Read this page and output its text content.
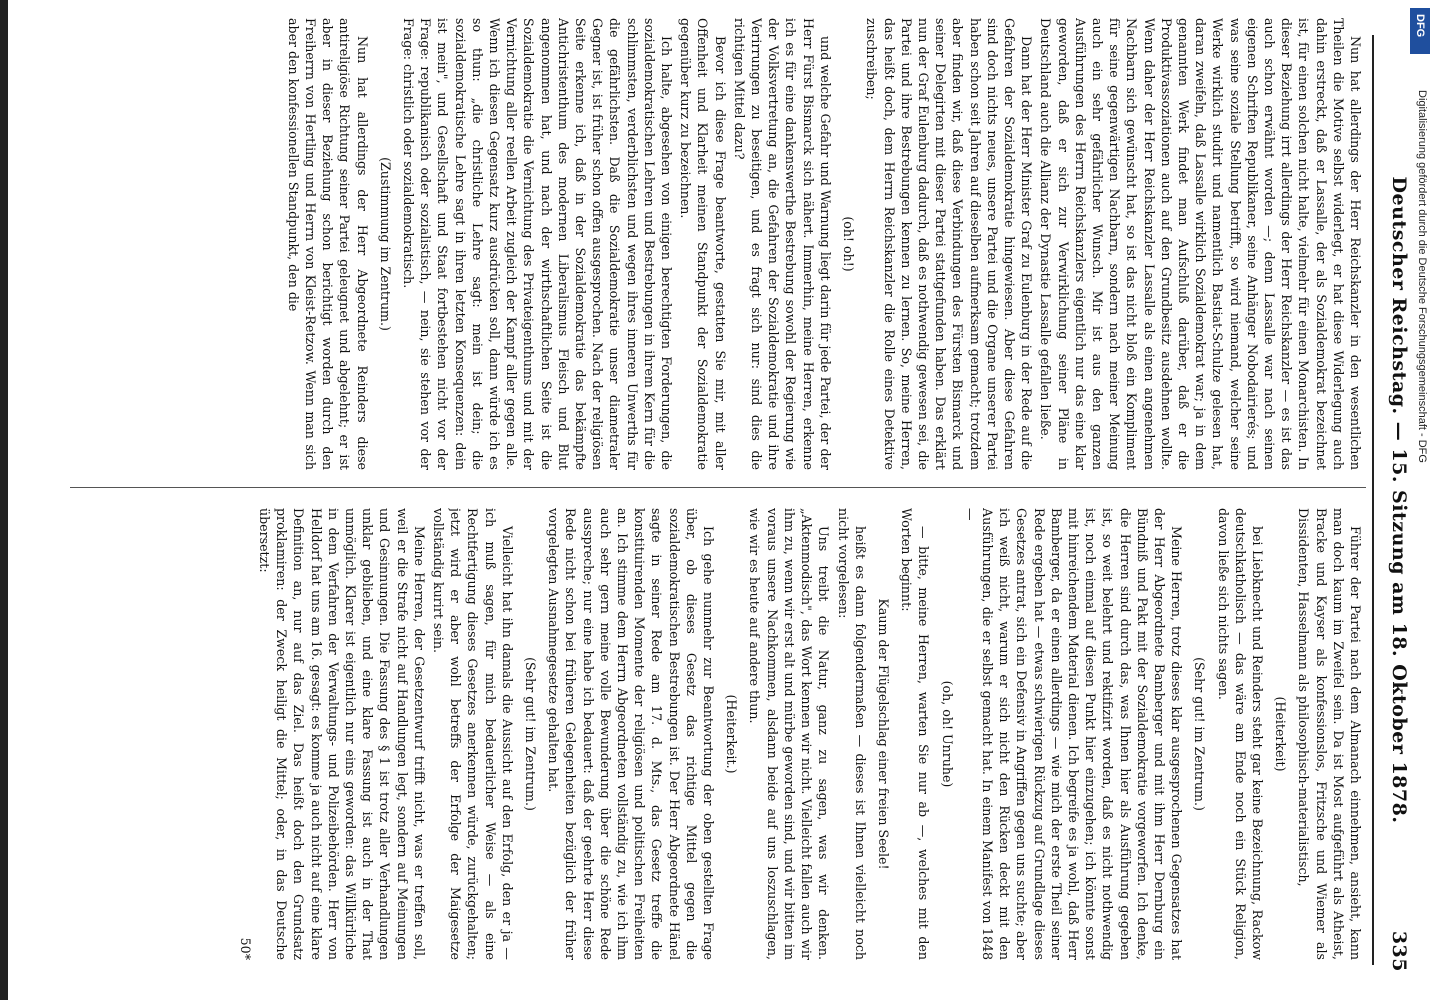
Deutscher Reichstag. — 15. Sitzung am 18. Oktober 1878.
335

Nun hat allerdings der Herr Reichskanzler in den wesentlichen Theilen die Motive selbst widerlegt, er hat diese Widerlegung auch dahin erstreckt, daß er Lassalle, der als Sozialdemokrat bezeichnet ist, für einen solchen nicht halte, vielmehr für einen Monarchisten. In dieser Beziehung irrt allerdings der Herr Reichskanzler — es ist das auch schon erwähnt worden —; denn Lassalle war nach seinen eigenen Schriften Republikaner, seine Anhänger Nobodairierés; und was seine soziale Stellung betrifft, so wird niemand, welcher seine Werke wirklich studirt und namentlich Bastiat-Schulze gelesen hat, daran zweifeln, daß Lassalle wirklich Sozialdemokrat war; ja in dem genannten Werk findet man Aufschluß darüber, daß er die Produktivassoziationen auch auf den Grundbesitz ausdehnen wollte. Wenn daher der Herr Reichskanzler Lassalle als einen angenehmen Nachbarn sich gewünscht hat, so ist das nicht bloß ein Kompliment für seine gegenwärtigen Nachbarn, sondern nach meiner Meinung auch ein sehr gefährlicher Wunsch. Mir ist aus den ganzen Ausführungen des Herrn Reichskanzlers eigentlich nur das eine klar geworden, daß er sich zur Verwirklichung seiner Pläne in Deutschland auch die Allianz der Dynastie Lassalle gefallen ließe.

Dann hat der Herr Minister Graf zu Eulenburg in der Rede auf die Gefahren der Sozialdemokratie hingewiesen. Aber diese Gefahren sind doch nichts neues, unsere Partei und die Organe unserer Partei haben schon seit Jahren auf dieselben aufmerksam gemacht; trotzdem aber finden wir, daß diese Verbindungen des Fürsten Bismarck und seiner Delegirten mit dieser Partei stattgefunden haben. Das erklärt nun der Graf Eulenburg dadurch, daß es nothwendig gewesen sei, die Partei und ihre Bestrebungen kennen zu lernen. So, meine Herren, das heißt doch, dem Herrn Reichskanzler die Rolle eines Detektive zuschreiben;

(oh! oh!)

und welche Gefahr und Warnung liegt darin für jede Partei, der der Herr Fürst Bismarck sich nähert. Immerhin, meine Herren, erkenne ich es für eine dankenswerthe Bestrebung sowohl der Regierung wie der Volksvertretung an, die Gefahren der Sozialdemokratie und ihre Verirrungen zu beseitigen, und es fragt sich nur: sind dies die richtigen Mittel dazu?

Bevor ich diese Frage beantworte, gestatten Sie mir, mit aller Offenheit und Klarheit meinen Standpunkt der Sozialdemokratie gegenüber kurz zu bezeichnen.

Ich halte, abgesehen von einigen berechtigten Forderungen, die sozialdemokratischen Lehren und Bestrebungen in ihrem Kern für die schlimmsten, verderblichsten und wegen ihres inneren Unwerths für die gefährlichsten. Daß die Sozialdemokratie unser diametraler Gegner ist, ist früher schon offen ausgesprochen. Nach der religiösen Seite erkenne ich, daß in der Sozialdemokratie das bekämpfte Antichristenthum des modernen Liberalismus Fleisch und Blut angenommen hat, und nach der wirthschaftlichen Seite ist die Sozialdemokratie die Vernichtung des Privateigenthums und mit der Vernichtung aller reellen Arbeit zugleich der Kampf aller gegen alle. Wenn ich diesen Gegensatz kurz ausdrücken soll, dann würde ich es so thun: „die christliche Lehre sagt: mein ist dein; die sozialdemokratische Lehre sagt in ihren letzten Konsequenzen: dein ist mein", und Gesellschaft und Staat fortbestehen nicht vor der Frage: republikanisch oder sozialistisch, — nein, sie stehen vor der Frage: christlich oder sozialdemokratisch.

(Zustimmung im Zentrum.)

Nun hat allerdings der Herr Abgeordnete Reinders diese antireligiöse Richtung seiner Partei geleugnet und abgelehnt; er ist aber in dieser Beziehung schon berichtigt worden durch den Freiherrn von Hertling und Herrn von Kleist-Retzow. Wenn man sich aber den konfessionellen Standpunkt, den die

Führer der Partei nach dem Almanach einnehmen, ansieht, kann man doch kaum im Zweifel sein. Da ist Most aufgeführt als Atheist, Bracke und Kayser als konfessionslos, Fritzsche und Wiemer als Dissidenten, Hasselmann als philosophisch-materialistisch,

(Heiterkeit)

bei Liebknecht und Reinders steht gar keine Bezeichnung, Rackow deutschkatholisch — das wäre am Ende noch ein Stück Religion, davon ließe sich nichts sagen.

(Sehr gut! im Zentrum.)

Meine Herren, trotz dieses klar ausgesprochenen Gegensatzes hat der Herr Abgeordnete Bamberger und mit ihm Herr Dernburg ein Bündniß und Pakt mit der Sozialdemokratie vorgeworfen. Ich denke, die Herren sind durch das, was Ihnen hier als Ausführung gegeben ist, so weit belehrt und rektifizirt worden, daß es nicht nothwendig ist, noch einmal auf diesen Punkt hier einzugehen; ich könnte sonst mit hinreichendem Material dienen. Ich begreife es ja wohl, daß Herr Bamberger, da er einen allerdings — wie mich der erste Theil seiner Rede ergeben hat — etwas schwierigen Rückzug auf Grundlage dieses Gesetzes antrat, sich ein Defensiv in Angriffen gegen uns suchte; aber ich weiß nicht, warum er sich nicht den Rücken deckt mit den Ausführungen, die er selbst gemacht hat. In einem Manifest von 1848 —

(oh, oh! Unruhe)

— bitte, meine Herren, warten Sie nur ab —, welches mit den Worten beginnt:

Kaum der Flügelschlag einer freien Seele!

heißt es dann folgendermaßen — dieses ist Ihnen vielleicht noch nicht vorgelesen:

Uns treibt die Natur, ganz zu sagen, was wir denken. „Aktenmodisch", das Wort kennen wir nicht. Vielleicht fallen auch wir ihm zu, wenn wir erst alt und mürbe geworden sind, und wir bitten im voraus unsere Nachkommen, alsdann beide auf uns loszuschlagen, wie wir es heute auf andere thun.

(Heiterkeit.)

Ich gehe nunmehr zur Beantwortung der oben gestellten Frage über, ob dieses Gesetz das richtige Mittel gegen die sozialdemokratischen Bestrebungen ist. Der Herr Abgeordnete Hänel sagte in seiner Rede am 17. d. Mts., das Gesetz treffe die konstituirenden Momente der religiösen und politischen Freiheiten an. Ich stimme dem Herrn Abgeordneten vollständig zu, wie ich ihm auch sehr gern meine volle Bewunderung über die schöne Rede ausspreche; nur eine habe ich bedauert: daß der geehrte Herr diese Rede nicht schon bei früheren Gelegenheiten bezüglich der früher vorgelegten Ausnahmegesetze gehalten hat.

(Sehr gut! im Zentrum.)

Vielleicht hat ihn damals die Aussicht auf den Erfolg, den er ja — ich muß sagen, für mich bedauerlicher Weise — als eine Rechtfertigung dieses Gesetzes anerkennen würde, zurückgehalten; jetzt wird er aber wohl betreffs der Erfolge der Maigesetze vollständig kurirt sein.

Meine Herren, der Gesetzentwurf trifft nicht, was er treffen soll, weil er die Strafe nicht auf Handlungen legt, sondern auf Meinungen und Gesinnungen. Die Fassung des § 1 ist trotz aller Verhandlungen unklar geblieben, und eine klare Fassung ist auch in der That unmöglich. Klarer ist eigentlich nur eins geworden: das Willkürliche in dem Verfahren der Verwaltungs- und Polizeibehörden. Herr von Helldorf hat uns am 16. gesagt: es komme ja auch nicht auf eine klare Definition an, nur auf das Ziel. Das heißt doch den Grundsatz proklamiren: der Zweck heiligt die Mittel; oder, in das Deutsche übersetzt:

50*

DFG
Digitalisierung gefördert durch die Deutsche Forschungsgemeinschaft - DFG
